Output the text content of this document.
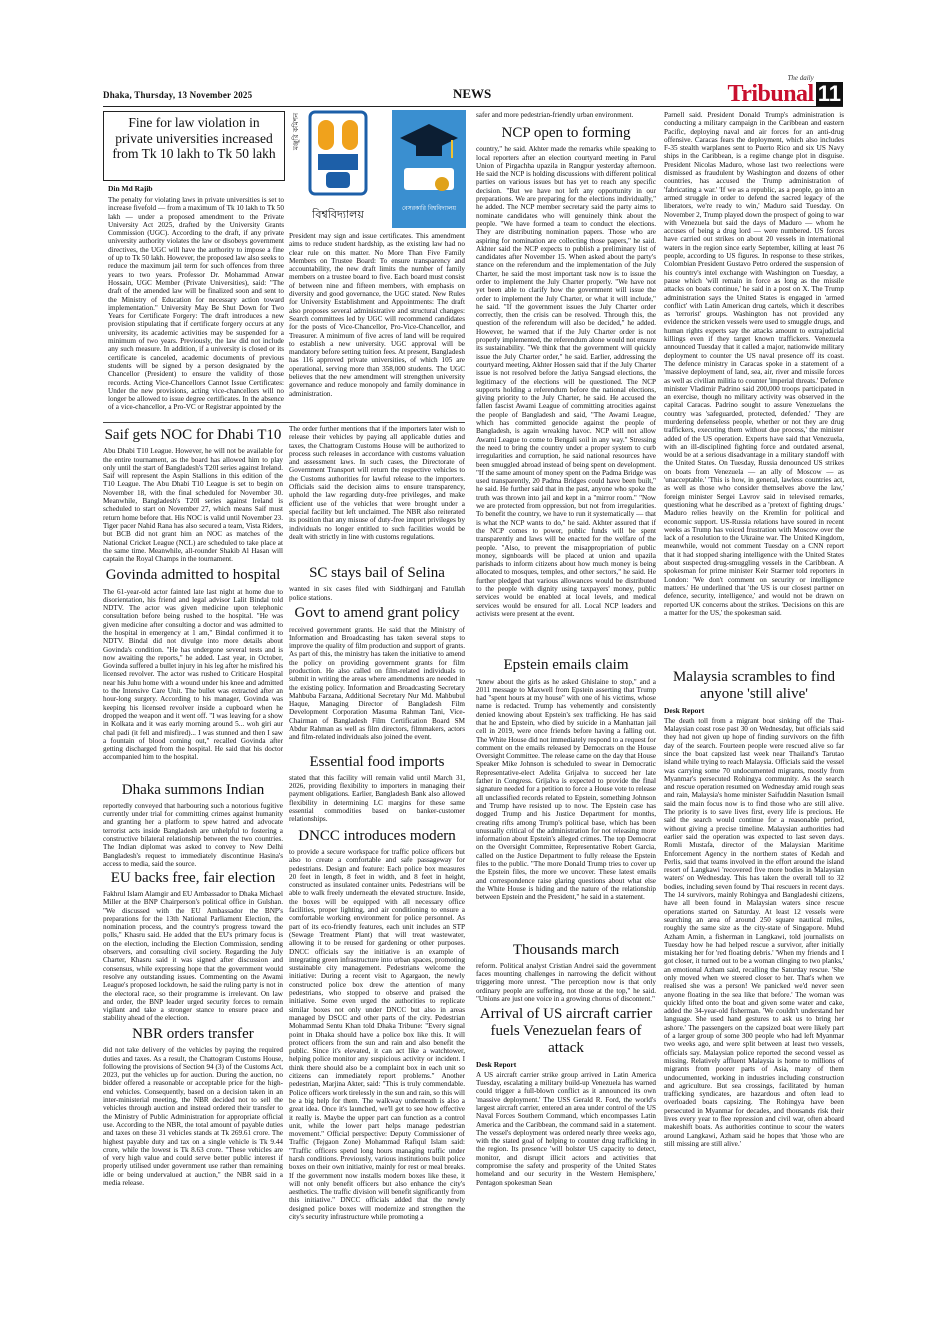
Dhaka, Thursday, 13 November 2025	NEWS
The daily
Tribunal 11
Fine for law violation in private universities increased from Tk 10 lakh to Tk 50 lakh
Din Md Rajib
মঞ্জুরি কমিশন
বিশ্ববিদ্যালয়	বেসরকারি বিশ্ববিদ্যালয়
The penalty for violating laws in private universities is set to increase fivefold — from a maximum of Tk 10 lakh to Tk 50 lakh — under a proposed amendment to the Private University Act 2025, drafted by the University Grants Commission (UGC). According to the draft, if any private university authority violates the law or disobeys government directives, the UGC will have the authority to impose a fine of up to Tk 50 lakh. However, the proposed law also seeks to reduce the maximum jail term for such offences from three years to two years. Professor Dr. Mohammad Anwar Hossain, UGC Member (Private Universities), said: "The draft of the amended law will be finalized soon and sent to the Ministry of Education for necessary action toward implementation." University May Be Shut Down for Two Years for Certificate Forgery: The draft introduces a new provision stipulating that if certificate forgery occurs at any university, its academic activities may be suspended for a minimum of two years. Previously, the law did not include any such measure. In addition, if a university is closed or its certificate is canceled, academic documents of previous students will be signed by a person designated by the Chancellor (President) to ensure the validity of those records. Acting Vice-Chancellors Cannot Issue Certificates: Under the new provisions, acting vice-chancellors will no longer be allowed to issue degree certificates. In the absence of a vice-chancellor, a Pro-VC or Registrar appointed by the
President may sign and issue certificates. This amendment aims to reduce student hardship, as the existing law had no clear rule on this matter. No More Than Five Family Members on Trustee Board: To ensure transparency and accountability, the new draft limits the number of family members on a trustee board to five. Each board must consist of between nine and fifteen members, with emphasis on diversity and good governance, the UGC stated. New Rules for University Establishment and Appointments: The draft also proposes several administrative and structural changes: Search committees led by UGC will recommend candidates for the posts of Vice-Chancellor, Pro-Vice-Chancellor, and Treasurer. A minimum of five acres of land will be required to establish a new university. UGC approval will be mandatory before setting tuition fees. At present, Bangladesh has 116 approved private universities, of which 105 are operational, serving more than 358,000 students. The UGC believes that the new amendment will strengthen university governance and reduce monopoly and family dominance in administration.
Saif gets NOC for Dhabi T10
Abu Dhabi T10 League. However, he will not be available for the entire tournament, as the board has allowed him to play only until the start of Bangladesh's T20I series against Ireland. Saif will represent the Aspin Stallions in this edition of the T10 League. The Abu Dhabi T10 League is set to begin on November 18, with the final scheduled for November 30. Meanwhile, Bangladesh's T20I series against Ireland is scheduled to start on November 27, which means Saif must return home before that. His NOC is valid until November 23. Tiger pacer Nahid Rana has also secured a team, Vista Riders, but BCB did not grant him an NOC as matches of the National Cricket League (NCL) are scheduled to take place at the same time. Meanwhile, all-rounder Shakib Al Hasan will captain the Royal Champs in the tournament.
Govinda admitted to hospital
The 61-year-old actor fainted late last night at home due to disorientation, his friend and legal advisor Lalit Bindal told NDTV. The actor was given medicine upon telephonic consultation before being rushed to the hospital. "He was given medicine after consulting a doctor and was admitted to the hospital in emergency at 1 am," Bindal confirmed it to NDTV. Bindal did not divulge into more details about Govinda's condition. "He has undergone several tests and is now awaiting the reports," he added. Last year, in October, Govinda suffered a bullet injury in his leg after he misfired his licensed revolver. The actor was rushed to Criticare Hospital near his Juhu home with a wound under his knee and admitted to the Intensive Care Unit. The bullet was extracted after an hour-long surgery. According to his manager, Govinda was keeping his licensed revolver inside a cupboard when he dropped the weapon and it went off. "I was leaving for a show in Kolkata and it was early morning around 5... woh giri aur chal padi (it fell and misfired)... I was stunned and then I saw a fountain of blood coming out," recalled Govinda after getting discharged from the hospital. He said that his doctor accompanied him to the hospital.
Dhaka summons Indian
reportedly conveyed that harbouring such a notorious fugitive currently under trial for committing crimes against humanity and granting her a platform to spew hatred and advocate terrorist acts inside Bangladesh are unhelpful to fostering a constructive bilateral relationship between the two countries. The Indian diplomat was asked to convey to New Delhi Bangladesh's request to immediately discontinue Hasina's access to media, said the source.
EU backs free, fair election
Fakhrul Islam Alamgir and EU Ambassador to Dhaka Michael Miller at the BNP Chairperson's political office in Gulshan. "We discussed with the EU Ambassador the BNP's preparations for the 13th National Parliament Election, the nomination process, and the country's progress toward the polls," Khasru said. He added that the EU's primary focus is on the election, including the Election Commission, sending observers, and consulting civil society. Regarding the July Charter, Khasru said it was signed after discussion and consensus, while expressing hope that the government would resolve any outstanding issues. Commenting on the Awami League's proposed lockdown, he said the ruling party is not in the electoral race, so their programme is irrelevant. On law and order, the BNP leader urged security forces to remain vigilant and take a stronger stance to ensure peace and stability ahead of the election.
NBR orders transfer
did not take delivery of the vehicles by paying the required duties and taxes. As a result, the Chattogram Customs House, following the provisions of Section 94 (3) of the Customs Act, 2023, put the vehicles up for auction. During the auction, no bidder offered a reasonable or acceptable price for the high-end vehicles. Consequently, based on a decision taken in an inter-ministerial meeting, the NBR decided not to sell the vehicles through auction and instead ordered their transfer to the Ministry of Public Administration for appropriate official use. According to the NBR, the total amount of payable duties and taxes on these 31 vehicles stands at Tk 269.61 crore. The highest payable duty and tax on a single vehicle is Tk 9.44 crore, while the lowest is Tk 8.63 crore. "These vehicles are of very high value and could serve better public interest if properly utilised under government use rather than remaining idle or being undervalued at auction," the NBR said in a media release.
The order further mentions that if the importers later wish to release their vehicles by paying all applicable duties and taxes, the Chattogram Customs House will be authorized to process such releases in accordance with customs valuation and assessment laws. In such cases, the Directorate of Government Transport will return the respective vehicles to the Customs authorities for lawful release to the importers. Officials said the decision aims to ensure transparency, uphold the law regarding duty-free privileges, and make efficient use of the vehicles that were brought under a special facility but left unclaimed. The NBR also reiterated its position that any misuse of duty-free import privileges by individuals no longer entitled to such facilities would be dealt with strictly in line with customs regulations.
SC stays bail of Selina
wanted in six cases filed with Siddhirganj and Fatullah police stations.
Govt to amend grant policy
received government grants. He said that the Ministry of Information and Broadcasting has taken several steps to improve the quality of film production and support of grants. As part of this, the ministry has taken the initiative to amend the policy on providing government grants for film production. He also called on film-related individuals to submit in writing the areas where amendments are needed in the existing policy. Information and Broadcasting Secretary Mahbuba Farzana, Additional Secretary Nur Md. Mahbubul Haque, Managing Director of Bangladesh Film Development Corporation Masuma Rahman Tani, Vice-Chairman of Bangladesh Film Certification Board SM Abdur Rahman as well as film directors, filmmakers, actors and film-related individuals also joined the event.
Essential food imports
stated that this facility will remain valid until March 31, 2026, providing flexibility to importers in managing their payment obligations. Earlier, Bangladesh Bank also allowed flexibility in determining LC margins for these same essential commodities based on banker-customer relationships.
DNCC introduces modern
to provide a secure workspace for traffic police officers but also to create a comfortable and safe passageway for pedestrians. Design and feature: Each police box measures 20 feet in length, 8 feet in width, and 8 feet in height, constructed as insulated container units. Pedestrians will be able to walk freely underneath the elevated structure. Inside, the boxes will be equipped with all necessary office facilities, proper lighting, and air conditioning to ensure a comfortable working environment for police personnel. As part of its eco-friendly features, each unit includes an STP (Sewage Treatment Plant) that will treat wastewater, allowing it to be reused for gardening or other purposes. DNCC officials say the initiative is an example of integrating green infrastructure into urban spaces, promoting sustainable city management. Pedestrians welcome the initiative: During a recent visit to Agargaon, the newly constructed police box drew the attention of many pedestrians, who stopped to observe and praised the initiative. Some even urged the authorities to replicate similar boxes not only under DNCC but also in areas managed by DSCC and other parts of the city. Pedestrian Mohammad Sentu Khan told Dhaka Tribune: "Every signal point in Dhaka should have a police box like this. It will protect officers from the sun and rain and also benefit the public. Since it's elevated, it can act like a watchtower, helping police monitor any suspicious activity or incident. I think there should also be a complaint box in each unit so citizens can immediately report problems." Another pedestrian, Marjina Akter, said: "This is truly commendable. Police officers work tirelessly in the sun and rain, so this will be a big help for them. The walkway underneath is also a great idea. Once it's launched, we'll get to see how effective it really is. Maybe the upper part can function as a control unit, while the lower part helps manage pedestrian movement." Official perspective: Deputy Commissioner of Traffic (Tejgaon Zone) Mohammad Rafiqul Islam said: "Traffic officers spend long hours managing traffic under harsh conditions. Previously, various institutions built police boxes on their own initiative, mainly for rest or meal breaks. If the government now installs modern boxes like these, it will not only benefit officers but also enhance the city's aesthetics. The traffic division will benefit significantly from this initiative." DNCC officials added that the newly designed police boxes will modernize and strengthen the city's security infrastructure while promoting a
safer and more pedestrian-friendly urban environment.
NCP open to forming
country," he said. Akhter made the remarks while speaking to local reporters after an election courtyard meeting in Parul Union of Pirgachha upazila in Rangpur yesterday afternoon. He said the NCP is holding discussions with different political parties on various issues but has yet to reach any specific decision. "But we have not left any opportunity in our preparations. We are preparing for the elections individually," he added. The NCP member secretary said the party aims to nominate candidates who will genuinely think about the people. "We have formed a team to conduct the elections. They are distributing nomination papers. Those who are aspiring for nomination are collecting those papers," he said. Akhter said the NCP expects to publish a preliminary list of candidates after November 15. When asked about the party's stance on the referendum and the implementation of the July Charter, he said the most important task now is to issue the order to implement the July Charter properly. "We have not yet been able to clarify how the government will issue the order to implement the July Charter, or what it will include," he said. "If the government issues the July Charter order correctly, then the crisis can be resolved. Through this, the question of the referendum will also be decided," he added. However, he warned that if the July Charter order is not properly implemented, the referendum alone would not ensure its sustainability. "We think that the government will quickly issue the July Charter order," he said. Earlier, addressing the courtyard meeting, Akhter Hossen said that if the July Charter issue is not resolved before the Jatiya Sangsad elections, the legitimacy of the elections will be questioned. The NCP supports holding a referendum before the national elections, giving priority to the July Charter, he said. He accused the fallen fascist Awami League of committing atrocities against the people of Bangladesh and said, "The Awami League, which has committed genocide against the people of Bangladesh, is again wreaking havoc. NCP will not allow Awami League to come to Bengali soil in any way." Stressing the need to bring the country under a proper system to curb irregularities and corruption, he said national resources have been smuggled abroad instead of being spent on development. "If the same amount of money spent on the Padma Bridge was used transparently, 20 Padma Bridges could have been built," he said. He further said that in the past, anyone who spoke the truth was thrown into jail and kept in a "mirror room." "Now we are protected from oppression, but not from irregularities. To benefit the country, we have to run it systematically — that is what the NCP wants to do," he said. Akhter assured that if the NCP comes to power, public funds will be spent transparently and laws will be enacted for the welfare of the people. "Also, to prevent the misappropriation of public money, signboards will be placed at union and upazila parishads to inform citizens about how much money is being allocated to mosques, temples, and other sectors," he said. He further pledged that various allowances would be distributed to the people with dignity using taxpayers' money, public services would be enabled at local levels, and medical services would be ensured for all. Local NCP leaders and activists were present at the event.
Epstein emails claim
"knew about the girls as he asked Ghislaine to stop," and a 2011 message to Maxwell from Epstein asserting that Trump had "spent hours at my house" with one of his victims, whose name is redacted. Trump has vehemently and consistently denied knowing about Epstein's sex trafficking. He has said that he and Epstein, who died by suicide in a Manhattan jail cell in 2019, were once friends before having a falling out. The White House did not immediately respond to a request for comment on the emails released by Democrats on the House Oversight Committee. The release came on the day that House Speaker Mike Johnson is scheduled to swear in Democratic Representative-elect Adelita Grijalva to succeed her late father in Congress. Grijalva is expected to provide the final signature needed for a petition to force a House vote to release all unclassified records related to Epstein, something Johnson and Trump have resisted up to now. The Epstein case has dogged Trump and his Justice Department for months, creating rifts among Trump's political base, which has been unusually critical of the administration for not releasing more information about Epstein's alleged crimes. The top Democrat on the Oversight Committee, Representative Robert Garcia, called on the Justice Department to fully release the Epstein files to the public. "The more Donald Trump tries to cover up the Epstein files, the more we uncover. These latest emails and correspondence raise glaring questions about what else the White House is hiding and the nature of the relationship between Epstein and the President," he said in a statement.
Thousands march
reform. Political analyst Cristian Andrei said the government faces mounting challenges in narrowing the deficit without triggering more unrest. "The perception now is that only ordinary people are suffering, not those at the top," he said. "Unions are just one voice in a growing chorus of discontent."
Arrival of US aircraft carrier fuels Venezuelan fears of attack
Desk Report
A US aircraft carrier strike group arrived in Latin America Tuesday, escalating a military build-up Venezuela has warned could trigger a full-blown conflict as it announced its own 'massive deployment.' The USS Gerald R. Ford, the world's largest aircraft carrier, entered an area under control of the US Naval Forces Southern Command, which encompasses Latin America and the Caribbean, the command said in a statement. The vessel's deployment was ordered nearly three weeks ago, with the stated goal of helping to counter drug trafficking in the region. Its presence 'will bolster US capacity to detect, monitor, and disrupt illicit actors and activities that compromise the safety and prosperity of the United States homeland and our security in the Western Hemisphere,' Pentagon spokesman Sean
Parnell said. President Donald Trump's administration is conducting a military campaign in the Caribbean and eastern Pacific, deploying naval and air forces for an anti-drug offensive. Caracas fears the deployment, which also includes F-35 stealth warplanes sent to Puerto Rico and six US Navy ships in the Caribbean, is a regime change plot in disguise. President Nicolas Maduro, whose last two reelections were dismissed as fraudulent by Washington and dozens of other countries, has accused the Trump administration of 'fabricating a war.' 'If we as a republic, as a people, go into an armed struggle in order to defend the sacred legacy of the liberators, we're ready to win,' Maduro said Tuesday. On November 2, Trump played down the prospect of going to war with Venezuela but said the days of Maduro — whom he accuses of being a drug lord — were numbered. US forces have carried out strikes on about 20 vessels in international waters in the region since early September, killing at least 76 people, according to US figures. In response to these strikes, Colombian President Gustavo Petro ordered the suspension of his country's intel exchange with Washington on Tuesday, a pause which 'will remain in force as long as the missile attacks on boats continue,' he said in a post on X. The Trump administration says the United States is engaged in 'armed conflict' with Latin American drug cartels, which it describes as 'terrorist' groups. Washington has not provided any evidence the stricken vessels were used to smuggle drugs, and human rights experts say the attacks amount to extrajudicial killings even if they target known traffickers. Venezuela announced Tuesday that it called a major, nationwide military deployment to counter the US naval presence off its coast. The defence ministry in Caracas spoke in a statement of a 'massive deployment of land, sea, air, river and missile forces as well as civilian militia to counter 'imperial threats.' Defence minister Vladimir Padrino said 200,000 troops participated in an exercise, though no military activity was observed in the capital Caracas. Padrino sought to assure Venezuelans the country was 'safeguarded, protected, defended.' 'They are murdering defenseless people, whether or not they are drug traffickers, executing them without due process,' the minister added of the US operation. Experts have said that Venezuela, with an ill-disciplined fighting force and outdated arsenal, would be at a serious disadvantage in a military standoff with the United States. On Tuesday, Russia denounced US strikes on boats from Venezuela — an ally of Moscow — as 'unacceptable.' 'This is how, in general, lawless countries act, as well as those who consider themselves above the law,' foreign minister Sergei Lavrov said in televised remarks, questioning what he described as a 'pretext of fighting drugs.' Maduro relies heavily on the Kremlin for political and economic support. US-Russia relations have soured in recent weeks as Trump has voiced frustration with Moscow over the lack of a resolution to the Ukraine war. The United Kingdom, meanwhile, would not comment Tuesday on a CNN report that it had stopped sharing intelligence with the United States about suspected drug-smuggling vessels in the Caribbean. A spokesman for prime minister Keir Starmer told reporters in London: 'We don't comment on security or intelligence matters.' He underlined that 'the US is our closest partner on defence, security, intelligence,' and would not be drawn on reported UK concerns about the strikes. 'Decisions on this are a matter for the US,' the spokesman said.
Malaysia scrambles to find anyone 'still alive'
Desk Report
The death toll from a migrant boat sinking off the Thai-Malaysian coast rose past 30 on Wednesday, but officials said they had not given up hope of finding survivors on the fifth day of the search. Fourteen people were rescued alive so far since the boat capsized last week near Thailand's Tarutao island while trying to reach Malaysia. Officials said the vessel was carrying some 70 undocumented migrants, mostly from Myanmar's persecuted Rohingya community. As the search and rescue operation resumed on Wednesday amid rough seas and rain, Malaysia's home minister Saifuddin Nasution Ismail said the main focus now is to find those who are still alive. The priority is to save lives first, every life is precious. He said the search would continue for a reasonable period, without giving a precise timeline. Malaysian authorities had earlier said the operation was expected to last seven days. Romli Mustafa, director of the Malaysian Maritime Enforcement Agency in the northern states of Kedah and Perlis, said that teams involved in the effort around the island resort of Langkawi 'recovered five more bodies in Malaysian waters' on Wednesday. This has taken the overall toll to 32 bodies, including seven found by Thai rescuers in recent days. The 14 survivors, mainly Rohingya and Bangladeshi citizens, have all been found in Malaysian waters since rescue operations started on Saturday. At least 12 vessels were searching an area of around 250 square nautical miles, roughly the same size as the city-state of Singapore. Muhd Azham Amin, a fisherman in Langkawi, told journalists on Tuesday how he had helped rescue a survivor, after initially mistaking her for 'red floating debris.' 'When my friends and I got closer, it turned out to be a woman clinging to two planks,' an emotional Azham said, recalling the Saturday rescue. 'She only moved when we steered closer to her. That's when we realised she was a person! We panicked we'd never seen anyone floating in the sea like that before.' The woman was quickly lifted onto the boat and given some water and cake, added the 34-year-old fisherman. 'We couldn't understand her language. She used hand gestures to ask us to bring her ashore.' The passengers on the capsized boat were likely part of a larger group of some 300 people who had left Myanmar two weeks ago, and were split between at least two vessels, officials say. Malaysian police reported the second vessel as missing. Relatively affluent Malaysia is home to millions of migrants from poorer parts of Asia, many of them undocumented, working in industries including construction and agriculture. But sea crossings, facilitated by human trafficking syndicates, are hazardous and often lead to overloaded boats capsizing. The Rohingya have been persecuted in Myanmar for decades, and thousands risk their lives every year to flee repression and civil war, often aboard makeshift boats. As authorities continue to scour the waters around Langkawi, Azham said he hopes that 'those who are still missing are still alive.'
